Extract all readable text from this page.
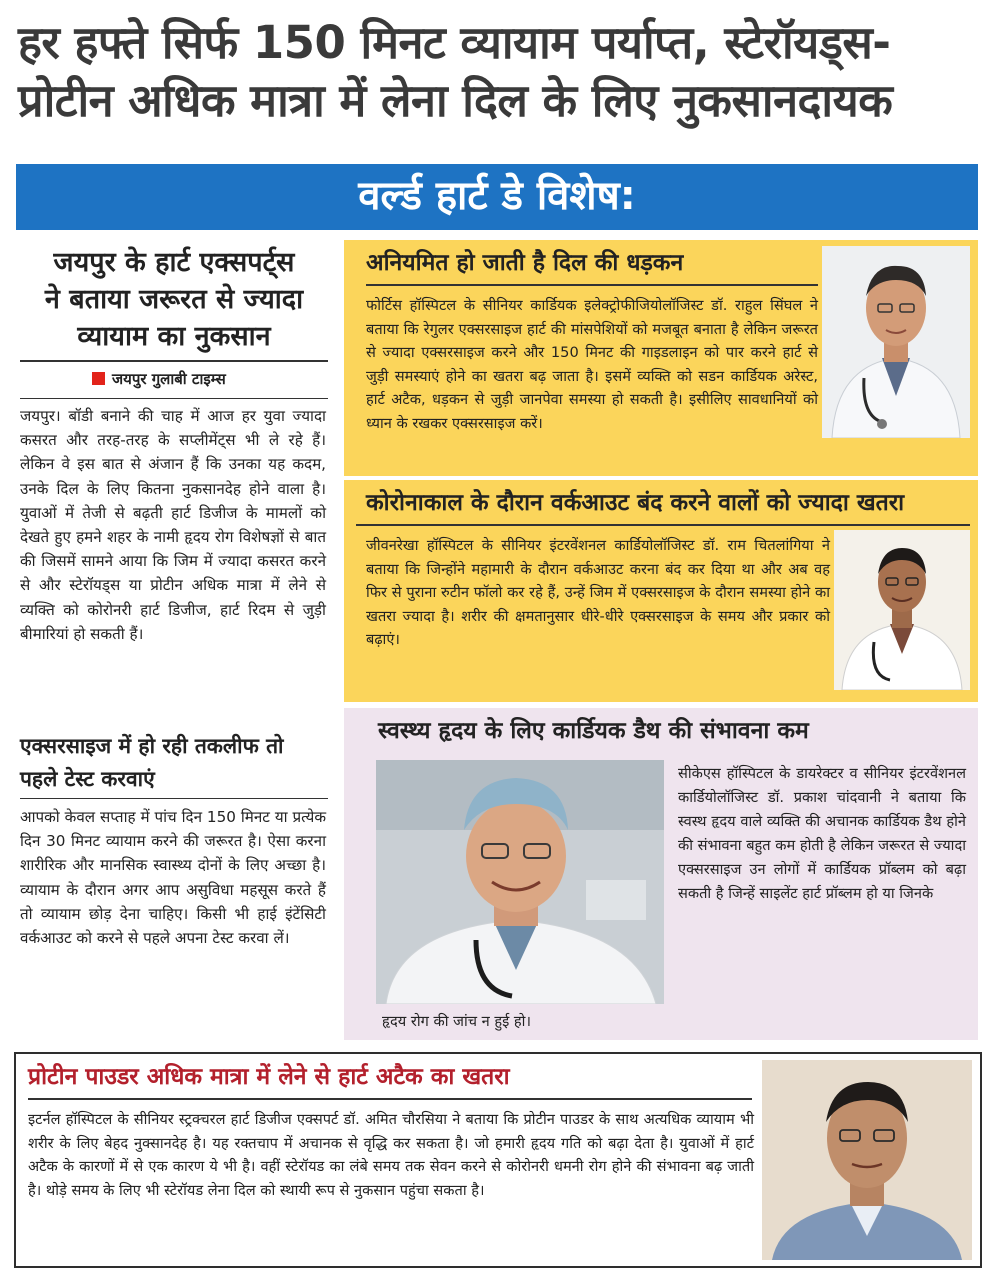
हर हफ्ते सिर्फ 150 मिनट व्यायाम पर्याप्त, स्टेरॉयड्स-
प्रोटीन अधिक मात्रा में लेना दिल के लिए नुकसानदायक
वर्ल्ड हार्ट डे विशेष:
जयपुर के हार्ट एक्सपर्ट्स
ने बताया जरूरत से ज्यादा
व्यायाम का नुकसान
जयपुर गुलाबी टाइम्स
जयपुर। बॉडी बनाने की चाह में आज हर युवा ज्यादा कसरत और तरह-तरह के सप्लीमेंट्स भी ले रहे हैं। लेकिन वे इस बात से अंजान हैं कि उनका यह कदम, उनके दिल के लिए कितना नुकसानदेह होने वाला है। युवाओं में तेजी से बढ़ती हार्ट डिजीज के मामलों को देखते हुए हमने शहर के नामी हृदय रोग विशेषज्ञों से बात की जिसमें सामने आया कि जिम में ज्यादा कसरत करने से और स्टेरॉयड्स या प्रोटीन अधिक मात्रा में लेने से व्यक्ति को कोरोनरी हार्ट डिजीज, हार्ट रिदम से जुड़ी बीमारियां हो सकती हैं।
एक्सरसाइज में हो रही तकलीफ तो
पहले टेस्ट करवाएं
आपको केवल सप्ताह में पांच दिन 150 मिनट या प्रत्येक दिन 30 मिनट व्यायाम करने की जरूरत है। ऐसा करना शारीरिक और मानसिक स्वास्थ्य दोनों के लिए अच्छा है। व्यायाम के दौरान अगर आप असुविधा महसूस करते हैं तो व्यायाम छोड़ देना चाहिए। किसी भी हाई इंटेंसिटी वर्कआउट को करने से पहले अपना टेस्ट करवा लें।
अनियमित हो जाती है दिल की धड़कन
फोर्टिस हॉस्पिटल के सीनियर कार्डियक इलेक्ट्रोफीजियोलॉजिस्ट डॉ. राहुल सिंघल ने बताया कि रेगुलर एक्सरसाइज हार्ट की मांसपेशियों को मजबूत बनाता है लेकिन जरूरत से ज्यादा एक्सरसाइज करने और 150 मिनट की गाइडलाइन को पार करने हार्ट से जुड़ी समस्याएं होने का खतरा बढ़ जाता है। इसमें व्यक्ति को सडन कार्डियक अरेस्ट, हार्ट अटैक, धड़कन से जुड़ी जानपेवा समस्या हो सकती है। इसीलिए सावधानियों को ध्यान के रखकर एक्सरसाइज करें।
कोरोनाकाल के दौरान वर्कआउट बंद करने वालों को ज्यादा खतरा
जीवनरेखा हॉस्पिटल के सीनियर इंटरवेंशनल कार्डियोलॉजिस्ट डॉ. राम चितलांगिया ने बताया कि जिन्होंने महामारी के दौरान वर्कआउट करना बंद कर दिया था और अब वह फिर से पुराना रुटीन फॉलो कर रहे हैं, उन्हें जिम में एक्सरसाइज के दौरान समस्या होने का खतरा ज्यादा है। शरीर की क्षमतानुसार धीरे-धीरे एक्सरसाइज के समय और प्रकार को बढ़ाएं।
स्वस्थ्य हृदय के लिए कार्डियक डैथ की संभावना कम
सीकेएस हॉस्पिटल के डायरेक्टर व सीनियर इंटरवेंशनल कार्डियोलॉजिस्ट डॉ. प्रकाश चांदवानी ने बताया कि स्वस्थ हृदय वाले व्यक्ति की अचानक कार्डियक डैथ होने की संभावना बहुत कम होती है लेकिन जरूरत से ज्यादा एक्सरसाइज उन लोगों में कार्डियक प्रॉब्लम को बढ़ा सकती है जिन्हें साइलेंट हार्ट प्रॉब्लम हो या जिनके
हृदय रोग की जांच न हुई हो।
प्रोटीन पाउडर अधिक मात्रा में लेने से हार्ट अटैक का खतरा
इटर्नल हॉस्पिटल के सीनियर स्ट्रक्चरल हार्ट डिजीज एक्सपर्ट डॉ. अमित चौरसिया ने बताया कि प्रोटीन पाउडर के साथ अत्यधिक व्यायाम भी शरीर के लिए बेहद नुक्सानदेह है। यह रक्तचाप में अचानक से वृद्धि कर सकता है। जो हमारी हृदय गति को बढ़ा देता है। युवाओं में हार्ट अटैक के कारणों में से एक कारण ये भी है। वहीं स्टेरॉयड का लंबे समय तक सेवन करने से कोरोनरी धमनी रोग होने की संभावना बढ़ जाती है। थोड़े समय के लिए भी स्टेरॉयड लेना दिल को स्थायी रूप से नुकसान पहुंचा सकता है।
